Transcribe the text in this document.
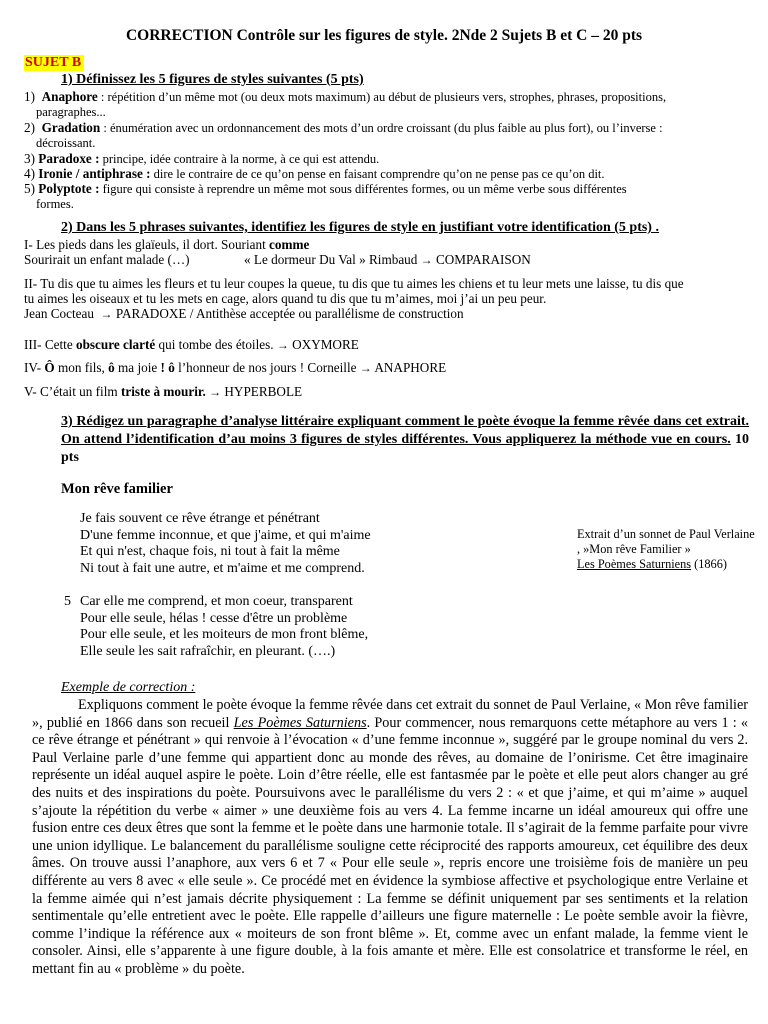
CORRECTION Contrôle sur les figures de style. 2Nde 2 Sujets B et C – 20 pts
SUJET B
1) Définissez les 5 figures de styles suivantes (5 pts)
1) Anaphore : répétition d’un même mot (ou deux mots maximum) au début de plusieurs vers, strophes, phrases, propositions,
paragraphes...
2) Gradation : énumération avec un ordonnancement des mots d’un ordre croissant (du plus faible au plus fort), ou l’inverse :
décroissant.
3) Paradoxe : principe, idée contraire à la norme, à ce qui est attendu.
4) Ironie / antiphrase : dire le contraire de ce qu’on pense en faisant comprendre qu’on ne pense pas ce qu’on dit.
5) Polyptote : figure qui consiste à reprendre un même mot sous différentes formes, ou un même verbe sous différentes
formes.
2) Dans les 5 phrases suivantes, identifiez les figures de style en justifiant votre identification (5 pts) .
I- Les pieds dans les glaïeuls, il dort. Souriant comme
Sourirait un enfant malade (…)	« Le dormeur Du Val » Rimbaud → COMPARAISON
II- Tu dis que tu aimes les fleurs et tu leur coupes la queue, tu dis que tu aimes les chiens et tu leur mets une laisse, tu dis que
tu aimes les oiseaux et tu les mets en cage, alors quand tu dis que tu m’aimes, moi j’ai un peu peur.
Jean Cocteau → PARADOXE / Antithèse acceptée ou parallélisme de construction
III- Cette obscure clarté qui tombe des étoiles. → OXYMORE
IV- Ô mon fils, ô ma joie ! ô l’honneur de nos jours ! Corneille → ANAPHORE
V- C’était un film triste à mourir. → HYPERBOLE
3) Rédigez un paragraphe d’analyse littéraire expliquant comment le poète évoque la femme rêvée dans cet extrait. On attend l’identification d’au moins 3 figures de styles différentes. Vous appliquerez la méthode vue en cours. 10 pts
Mon rêve familier
Je fais souvent ce rêve étrange et pénétrant
D'une femme inconnue, et que j'aime, et qui m'aime
Et qui n'est, chaque fois, ni tout à fait la même
Ni tout à fait une autre, et m'aime et me comprend.
5 Car elle me comprend, et mon coeur, transparent
Pour elle seule, hélas ! cesse d'être un problème
Pour elle seule, et les moiteurs de mon front blême,
Elle seule les sait rafraîchir, en pleurant. (….)
Extrait d’un sonnet de Paul Verlaine , »Mon rêve Familier »
Les Poèmes Saturniens (1866)
Exemple de correction :
Expliquons comment le poète évoque la femme rêvée dans cet extrait du sonnet de Paul Verlaine, « Mon rêve familier », publié en 1866 dans son recueil Les Poèmes Saturniens. Pour commencer, nous remarquons cette métaphore au vers 1 : « ce rêve étrange et pénétrant » qui renvoie à l’évocation « d’une femme inconnue », suggéré par le groupe nominal du vers 2. Paul Verlaine parle d’une femme qui appartient donc au monde des rêves, au domaine de l’onirisme. Cet être imaginaire représente un idéal auquel aspire le poète. Loin d’être réelle, elle est fantasmée par le poète et elle peut alors changer au gré des nuits et des inspirations du poète. Poursuivons avec le parallélisme du vers 2 : « et que j’aime, et qui m’aime » auquel s’ajoute la répétition du verbe « aimer » une deuxième fois au vers 4. La femme incarne un idéal amoureux qui offre une fusion entre ces deux êtres que sont la femme et le poète dans une harmonie totale. Il s’agirait de la femme parfaite pour vivre une union idyllique. Le balancement du parallélisme souligne cette réciprocité des rapports amoureux, cet équilibre des deux âmes. On trouve aussi l’anaphore, aux vers 6 et 7 « Pour elle seule », repris encore une troisième fois de manière un peu différente au vers 8 avec « elle seule ». Ce procédé met en évidence la symbiose affective et psychologique entre Verlaine et la femme aimée qui n’est jamais décrite physiquement : La femme se définit uniquement par ses sentiments et la relation sentimentale qu’elle entretient avec le poète. Elle rappelle d’ailleurs une figure maternelle : Le poète semble avoir la fièvre, comme l’indique la référence aux « moiteurs de son front blême ». Et, comme avec un enfant malade, la femme vient le consoler. Ainsi, elle s’apparente à une figure double, à la fois amante et mère. Elle est consolatrice et transforme le réel, en mettant fin au « problème » du poète.
